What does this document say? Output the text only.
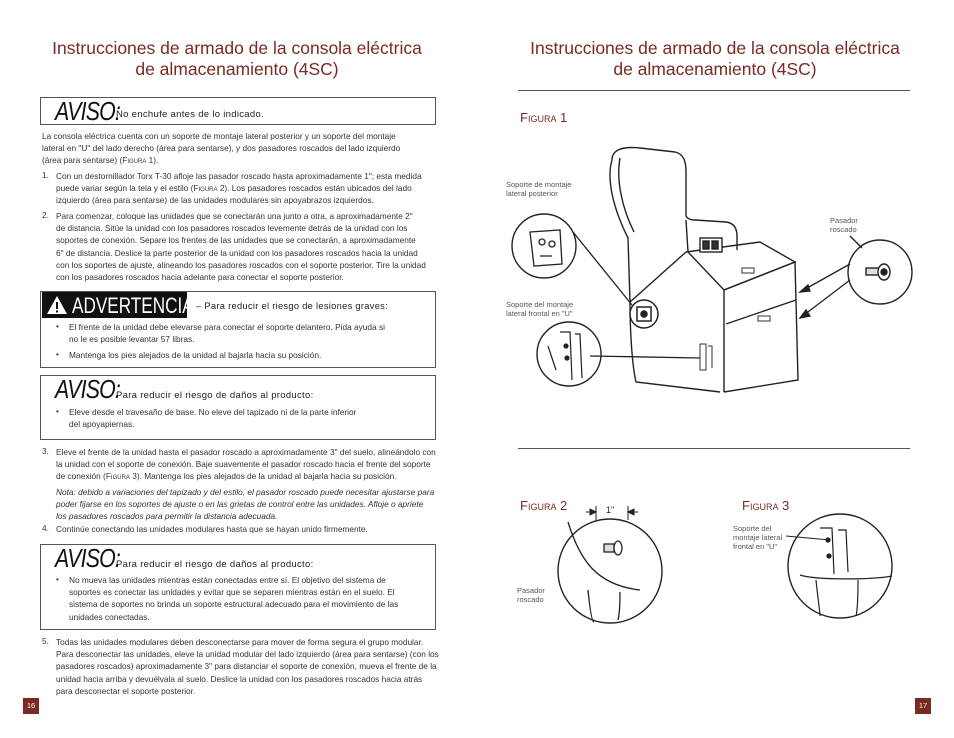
Instrucciones de armado de la consola eléctrica
de almacenamiento (4SC)
Instrucciones de armado de la consola eléctrica
de almacenamiento (4SC)
AVISO:
No enchufe antes de lo indicado.
La consola eléctrica cuenta con un soporte de montaje lateral posterior y un soporte del montaje
lateral en "U" del lado derecho (área para sentarse), y dos pasadores roscados del lado izquierdo
(área para sentarse) (Figura 1).
1. Con un destornillador Torx T-30 afloje las pasador roscado hasta aproximadamente 1"; esta medida
puede variar según la tela y el estilo (Figura 2). Los pasadores roscados están ubicados del lado
izquierdo (área para sentarse) de las unidades modulares sin apoyabrazos izquierdos.
2. Para comenzar, coloque las unidades que se conectarán una junto a otra, a aproximadamente 2"
de distancia. Sitúe la unidad con los pasadores roscados levemente detrás de la unidad con los
soportes de conexión. Separe los frentes de las unidades que se conectarán, a aproximadamente
6" de distancia. Deslice la parte posterior de la unidad con los pasadores roscados hacia la unidad
con los soportes de ajuste, alineando los pasadores roscados con el soporte posterior. Tire la unidad
con los pasadores roscados hacia adelante para conectar el soporte posterior.
ADVERTENCIA – Para reducir el riesgo de lesiones graves:
• El frente de la unidad debe elevarse para conectar el soporte delantero. Pida ayuda si
no le es posible levantar 57 libras.
• Mantenga los pies alejados de la unidad al bajarla hacia su posición.
AVISO:
Para reducir el riesgo de daños al producto:
• Eleve desde el travesaño de base. No eleve del tapizado ni de la parte inferior
del apoyapiernas.
3. Eleve el frente de la unidad hasta el pasador roscado a aproximadamente 3" del suelo, alineándolo con
la unidad con el soporte de conexión. Baje suavemente el pasador roscado hacia el frente del soporte
de conexión (Figura 3). Mantenga los pies alejados de la unidad al bajarla hacia su posición.
Nota: debido a variaciones del tapizado y del estilo, el pasador roscado puede necesitar ajustarse para
poder fijarse en los soportes de ajuste o en las grietas de control entre las unidades. Afloje o apriete
los pasadores roscados para permitir la distancia adecuada.
4. Continúe conectando las unidades modulares hasta que se hayan unido firmemente.
AVISO:
Para reducir el riesgo de daños al producto:
• No mueva las unidades mientras están conectadas entre sí. El objetivo del sistema de
soportes es conectar las unidades y evitar que se separen mientras están en el suelo. El
sistema de soportes no brinda un soporte estructural adecuado para el movimiento de las
unidades conectadas.
5. Todas las unidades modulares deben desconectarse para mover de forma segura el grupo modular.
Para desconectar las unidades, eleve la unidad modular del lado izquierdo (área para sentarse) (con los
pasadores roscados) aproximadamente 3" para distanciar el soporte de conexión, mueva el frente de la
unidad hacia arriba y devuélvala al suelo. Deslice la unidad con los pasadores roscados hacia atrás
para desconectar el soporte posterior.
16	17
Figura 1
Figura 2	Figura 3
Soporte de montaje
lateral posterior
Soporte del montaje
lateral frontal en "U"
Pasador
roscado
1"
Pasador
roscado
Soporte del
montaje lateral
frontal en "U"
